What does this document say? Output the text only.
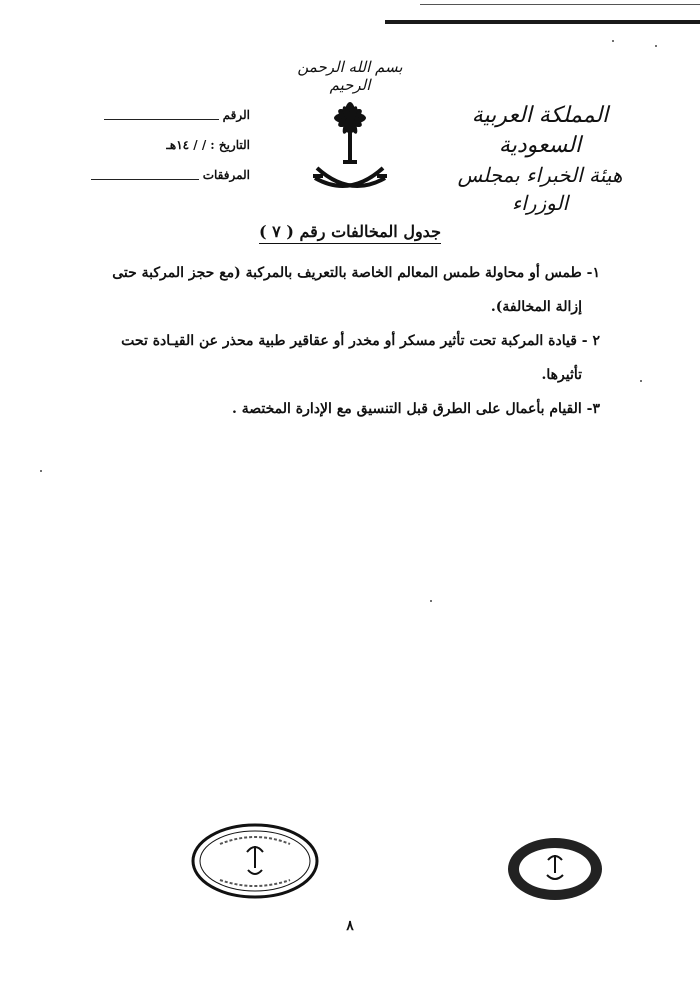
بسم الله الرحمن الرحيم
المملكة العربية السعودية
هيئة الخبراء بمجلس الوزراء
الرقم
التاريخ :
/ / ١٤هـ
المرفقات
جدول المخالفات رقم ( ٧ )
١- طمس أو محاولة طمس المعالم الخاصة بالتعريف بالمركبة (مع حجز المركبة حتى
إزالة المخالفة).
٢ - قيادة المركبة تحت تأثير مسكر أو مخدر أو عقاقير طبية محذر عن القيـادة تحت
تأثيرها.
٣- القيام بأعمال على الطرق قبل التنسيق مع الإدارة المختصة .
٨
